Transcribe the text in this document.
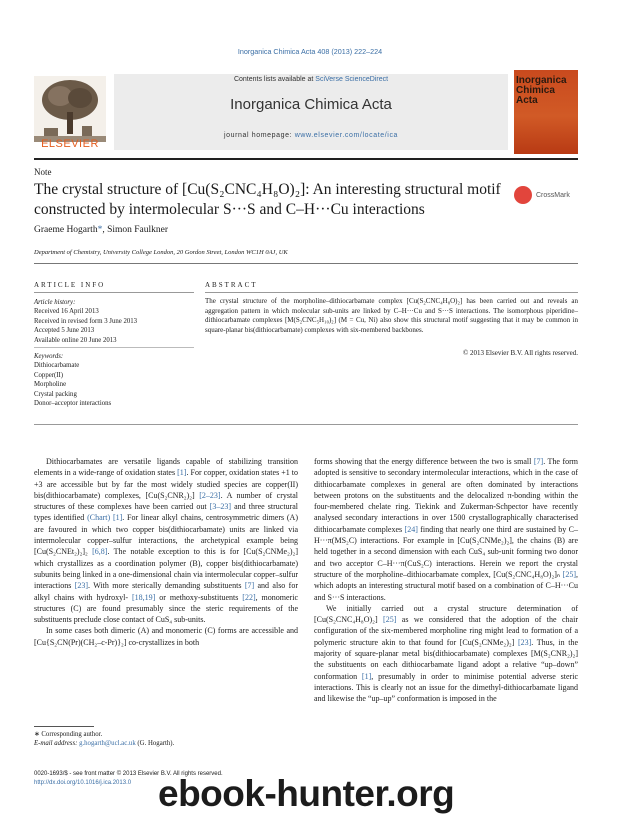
Inorganica Chimica Acta 408 (2013) 222–224
ELSEVIER
Contents lists available at SciVerse ScienceDirect
Inorganica Chimica Acta
journal homepage: www.elsevier.com/locate/ica
Inorganica Chimica Acta
Note
The crystal structure of [Cu(S₂CNC₄H₈O)₂]: An interesting structural motif constructed by intermolecular S···S and C–H···Cu interactions
CrossMark
Graeme Hogarth*, Simon Faulkner
Department of Chemistry, University College London, 20 Gordon Street, London WC1H 0AJ, UK
ARTICLE INFO	ABSTRACT
Article history:
Received 16 April 2013
Received in revised form 3 June 2013
Accepted 5 June 2013
Available online 20 June 2013
Keywords:
Dithiocarbamate
Copper(II)
Morpholine
Crystal packing
Donor–acceptor interactions
The crystal structure of the morpholine–dithiocarbamate complex [Cu(S₂CNC₄H₈O)₂] has been carried out and reveals an aggregation pattern in which molecular sub-units are linked by C–H···Cu and S···S interactions. The isomorphous piperidine–dithiocarbamate complexes [M(S₂CNC₅H₁₀)₂] (M = Cu, Ni) also show this structural motif suggesting that it may be common in square-planar bis(dithiocarbamate) complexes with six-membered backbones.
© 2013 Elsevier B.V. All rights reserved.

Dithiocarbamates are versatile ligands capable of stabilizing transition elements in a wide-range of oxidation states [1]. For copper, oxidation states +1 to +3 are accessible but by far the most widely studied species are copper(II) bis(dithiocarbamate) complexes, [Cu(S₂CNR₂)₂] [2–23]. A number of crystal structures of these complexes have been carried out [3–23] and three structural types identified (Chart) [1]. For linear alkyl chains, centrosymmetric dimers (A) are favoured in which two copper bis(dithiocarbamate) units are linked via intermolecular copper–sulfur interactions, the archetypical example being [Cu(S₂CNEt₂)₂]₂ [6,8]. The notable exception to this is for [Cu(S₂CNMe₂)₂] which crystallizes as a coordination polymer (B), copper bis(dithiocarbamate) subunits being linked in a one-dimensional chain via intermolecular copper–sulfur interactions [23]. With more sterically demanding substituents [7] and also for alkyl chains with hydroxyl- [18,19] or methoxy-substituents [22], monomeric structures (C) are found presumably since the steric requirements of the substituents preclude close contact of CuS₄ sub-units.

In some cases both dimeric (A) and monomeric (C) forms are accessible and [Cu{S₂CN(Pr)(CH₂–c-Pr)}₂] co-crystallizes in both

forms showing that the energy difference between the two is small [7]. The form adopted is sensitive to secondary intermolecular interactions, which in the case of dithiocarbamate complexes in general are often dominated by interactions between protons on the substituents and the delocalized π-bonding within the four-membered chelate ring. Tiekink and Zukerman-Schpector have recently analysed secondary interactions in over 1500 crystallographically characterised dithiocarbamate complexes [24] finding that nearly one third are sustained by C–H···π(MS₂C) interactions. For example in [Cu(S₂CNMe₂)₂], the chains (B) are held together in a second dimension with each CuS₄ sub-unit forming two donor and two acceptor C–H···π(CuS₂C) interactions. Herein we report the crystal structure of the morpholine–dithiocarbamate complex, [Cu(S₂CNC₄H₈O)₂]ₙ [25], which adopts an interesting structural motif based on a combination of C–H···Cu and S···S interactions.

We initially carried out a crystal structure determination of [Cu(S₂CNC₄H₈O)₂] [25] as we considered that the adoption of the chair configuration of the six-membered morpholine ring might lead to formation of a polymeric structure akin to that found for [Cu(S₂CNMe₂)₂] [23]. Thus, in the majority of square-planar metal bis(dithiocarbamate) complexes [M(S₂CNR₂)₂] the substituents on each dithiocarbamate ligand adopt a relative “up–down” conformation [1], presumably in order to minimise potential adverse steric interactions. This is clearly not an issue for the dimethyl-dithiocarbamate ligand and likewise the “up–up” conformation is imposed in the

∗ Corresponding author.
E-mail address: g.hogarth@ucl.ac.uk (G. Hogarth).
0020-1693/$ - see front matter © 2013 Elsevier B.V. All rights reserved.
http://dx.doi.org/10.1016/j.ica.2013.0 ebook-hunter.org
